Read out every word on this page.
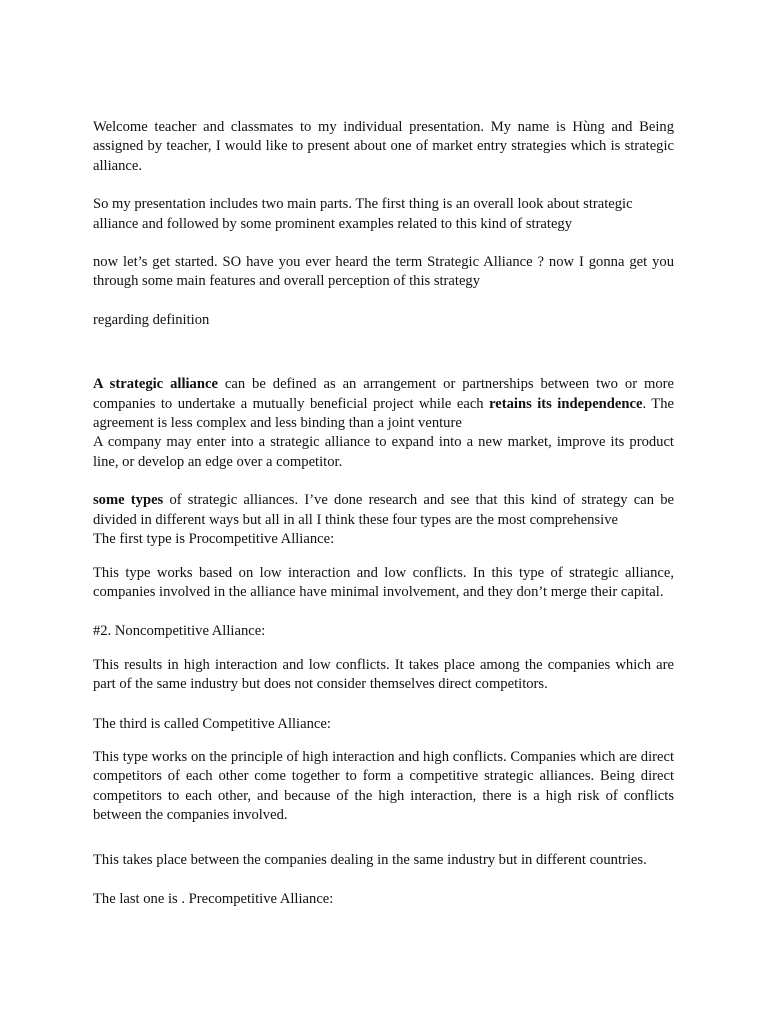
Welcome teacher and classmates to my individual presentation. My name is Hùng and Being assigned by teacher, I would like to present about one of market entry strategies which is strategic alliance.

So my presentation includes two main parts. The first thing is an overall look about strategic alliance and followed by some prominent examples related to this kind of strategy

now let’s get started. SO have you ever heard the term Strategic Alliance ? now I gonna get you through some main features and overall perception of this strategy

regarding definition

A strategic alliance can be defined as an arrangement or partnerships between two or more companies to undertake a mutually beneficial project while each retains its independence. The agreement is less complex and less binding than a joint venture

A company may enter into a strategic alliance to expand into a new market, improve its product line, or develop an edge over a competitor.

some types of strategic alliances. I’ve done research and see that this kind of strategy can be divided in different ways but all in all I think these four types are the most comprehensive

The first type is Procompetitive Alliance:

This type works based on low interaction and low conflicts. In this type of strategic alliance, companies involved in the alliance have minimal involvement, and they don’t merge their capital.

#2. Noncompetitive Alliance:

This results in high interaction and low conflicts. It takes place among the companies which are part of the same industry but does not consider themselves direct competitors.

The third is called Competitive Alliance:

This type works on the principle of high interaction and high conflicts. Companies which are direct competitors of each other come together to form a competitive strategic alliances. Being direct competitors to each other, and because of the high interaction, there is a high risk of conflicts between the companies involved.

This takes place between the companies dealing in the same industry but in different countries.

The last one is . Precompetitive Alliance:
